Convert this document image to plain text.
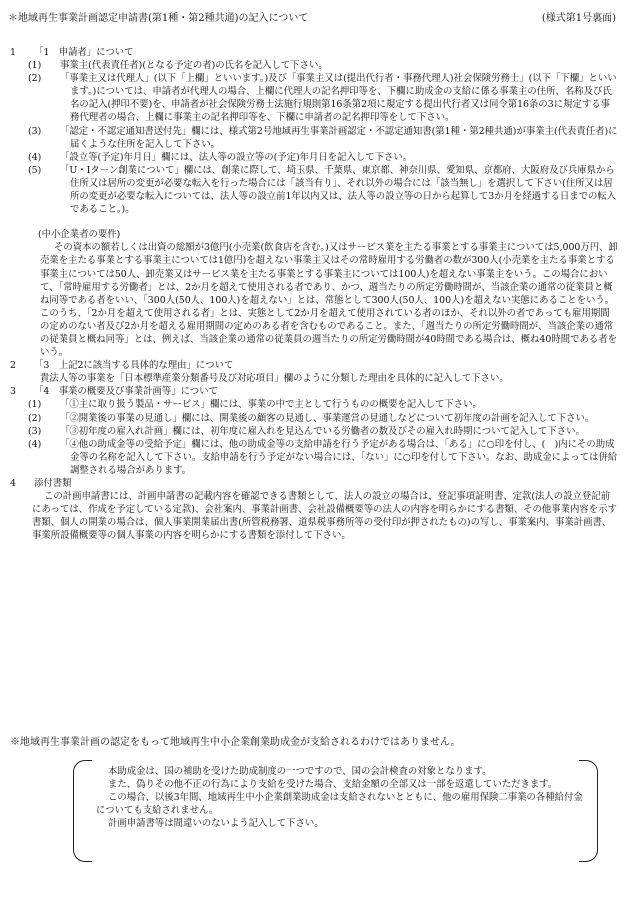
＊地域再生事業計画認定申請書(第1種・第2種共通)の記入について	(様式第1号裏面)
1 「1　申請者」について
(1)	事業主(代表責任者)(となる予定の者)の氏名を記入して下さい。
(2)	「事業主又は代理人」(以下「上欄」といいます。)及び「事業主又は(提出代行者・事務代理人)社会保険労務士」(以下「下欄」といいます。)については、申請者が代理人の場合、上欄に代理人の記名押印等を、下欄に助成金の支給に係る事業主の住所、名称及び氏名の記入(押印不要)を、申請者が社会保険労務士法施行規則第16条第2項に規定する提出代行者又は同令第16条の3に規定する事務代理者の場合、上欄に事業主の記名押印等を、下欄に申請者の記名押印等をして下さい。
(3)	「認定・不認定通知書送付先」欄には、様式第2号地域再生事業計画認定・不認定通知書(第1種・第2種共通)が事業主(代表責任者)に届くような住所を記入して下さい。
(4)	「設立等(予定)年月日」欄には、法人等の設立等の(予定)年月日を記入して下さい。
(5)	「U・Iターン創業について」欄には、創業に際して、埼玉県、千葉県、東京都、神奈川県、愛知県、京都府、大阪府及び兵庫県から住所又は居所の変更が必要な転入を行った場合には「該当有り」、それ以外の場合には「該当無し」を選択して下さい(住所又は居所の変更が必要な転入については、法人等の設立前1年以内又は、法人等の設立等の日から起算して3か月を経過する日までの転入であること。)。
(中小企業者の要件)
その資本の額若しくは出資の総額が3億円(小売業(飲食店を含む。)又はサービス業を主たる事業とする事業主については5,000万円、卸売業を主たる事業とする事業主については1億円)を超えない事業主又はその常時雇用する労働者の数が300人(小売業を主たる事業とする事業主については50人、卸売業又はサービス業を主たる事業とする事業主については100人)を超えない事業主をいう。この場合において、「常時雇用する労働者」とは、2か月を超えて使用される者であり、かつ、週当たりの所定労働時間が、当該企業の通常の従業員と概ね同等である者をいい、「300人(50人、100人)を超えない」とは、常態として300人(50人、100人)を超えない実態にあることをいう。このうち、「2か月を超えて使用される者」とは、実態として2か月を超えて使用されている者のほか、それ以外の者であっても雇用期間の定めのない者及び2か月を超える雇用期間の定めのある者を含むものであること。また、「週当たりの所定労働時間が、当該企業の通常の従業員と概ね同等」とは、例えば、当該企業の通常の従業員の週当たりの所定労働時間が40時間である場合は、概ね40時間である者をいう。
2 「3　上記2に該当する具体的な理由」について
貴法人等の事業を「日本標準産業分類番号及び対応項目」欄のように分類した理由を具体的に記入して下さい。
3 「4　事業の概要及び事業計画等」について
(1)	「①主に取り扱う製品・サービス」欄には、事業の中で主として行うものの概要を記入して下さい。
(2)	「②開業後の事業の見通し」欄には、開業後の顧客の見通し、事業運営の見通しなどについて初年度の計画を記入して下さい。
(3)	「③初年度の雇入れ計画」欄には、初年度に雇入れを見込んでいる労働者の数及びその雇入れ時期について記入して下さい。
(4)	「④他の助成金等の受給予定」欄には、他の助成金等の支給申請を行う予定がある場合は、「ある」に○印を付し、(　)内にその助成金等の名称を記入して下さい。支給申請を行う予定がない場合には、「ない」に○印を付して下さい。なお、助成金によっては併給調整される場合があります。
4 添付書類
この計画申請書には、計画申請書の記載内容を確認できる書類として、法人の設立の場合は、登記事項証明書、定款(法人の設立登記前にあっては、作成を予定している定款)、会社案内、事業計画書、会社設備概要等の法人の内容を明らかにする書類、その他事業内容を示す書類、個人の開業の場合は、個人事業開業届出書(所管税務署、道県税事務所等の受付印が押されたもの)の写し、事業案内、事業計画書、事業所設備概要等の個人事業の内容を明らかにする書類を添付して下さい。
※地域再生事業計画の認定をもって地域再生中小企業創業助成金が支給されるわけではありません。
本助成金は、国の補助を受けた助成制度の一つですので、国の会計検査の対象となります。
また、偽りその他不正の行為により支給を受けた場合、支給金額の全部又は一部を返還していただきます。
この場合、以後3年間、地域再生中小企業創業助成金は支給されないとともに、他の雇用保険二事業の各種給付金についても支給されません。
計画申請書等は間違いのないよう記入して下さい。
